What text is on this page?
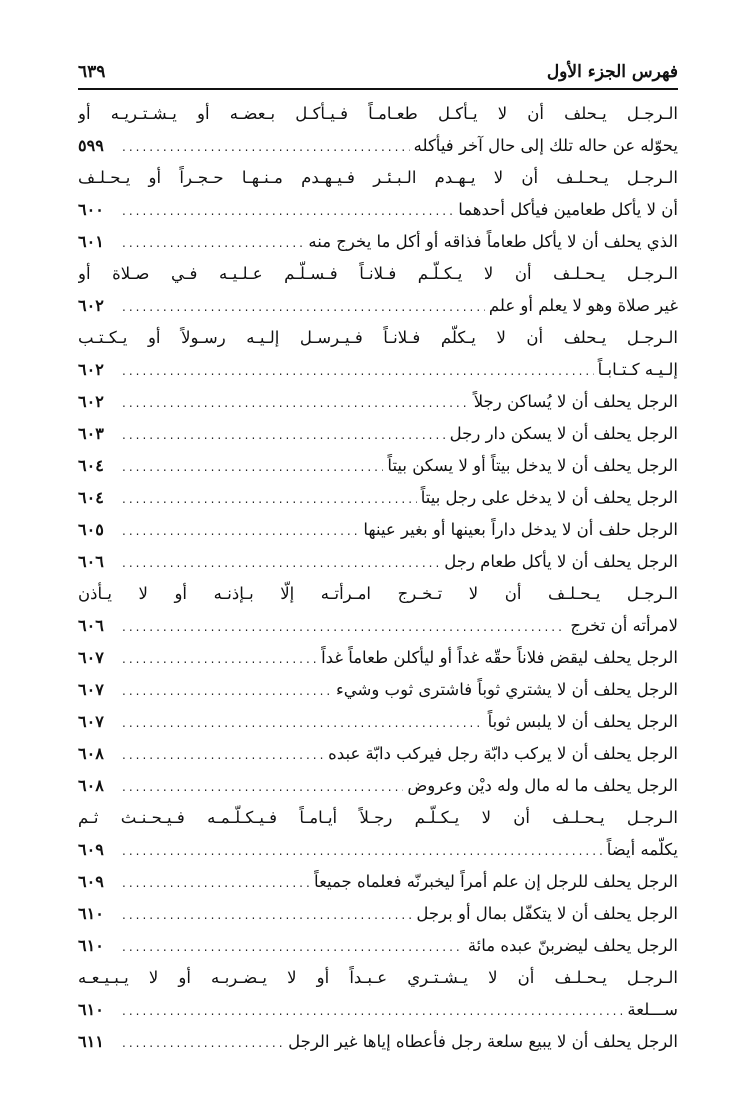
فهرس الجزء الأول
٦٣٩
الـرجـل يـحلف أن لا يـأكـل طعـامـاً فـيـأكـل بـعضـه أو يـشـتـريـه أو
يحوّله عن حاله تلك إلى حال آخر فيأكله
.....
٥٩٩
الـرجـل يـحـلـف أن لا يـهـدم الـبـئـر فـيـهـدم مـنـهـا حـجـراً أو يـحـلـف
أن لا يأكل طعامين فيأكل أحدهما
.....
٦٠٠
الذي يحلف أن لا يأكل طعاماً فذاقه أو أكل ما يخرج منه
.....
٦٠١
الـرجـل يـحـلـف أن لا يـكـلّـم فـلانـاً فـسـلّـم عـلـيـه فـي صـلاة أو
غير صلاة وهو لا يعلم أو علم
.....
٦٠٢
الـرجـل يـحلف أن لا يـكلّم فـلانـاً فـيـرسـل إلـيـه رسـولاً أو يـكـتـب
إلـيـه كـتـابـاً
.....
٦٠٢
الرجل يحلف أن لا يُساكن رجلاً
.....
٦٠٢
الرجل يحلف أن لا يسكن دار رجل
.....
٦٠٣
الرجل يحلف أن لا يدخل بيتاً أو لا يسكن بيتاً
.....
٦٠٤
الرجل يحلف أن لا يدخل على رجل بيتاً
.....
٦٠٤
الرجل حلف أن لا يدخل داراً بعينها أو بغير عينها
.....
٦٠٥
الرجل يحلف أن لا يأكل طعام رجل
.....
٦٠٦
الـرجـل يـحـلـف أن لا تـخـرج امـرأتـه إلّا بـإذنـه أو لا يـأذن
لامرأته أن تخرج
.....
٦٠٦
الرجل يحلف ليقض فلاناً حقّه غداً أو ليأكلن طعاماً غداً
.....
٦٠٧
الرجل يحلف أن لا يشتري ثوباً فاشترى ثوب وشيء
.....
٦٠٧
الرجل يحلف أن لا يلبس ثوباً
.....
٦٠٧
الرجل يحلف أن لا يركب دابّة رجل فيركب دابّة عبده
.....
٦٠٨
الرجل يحلف ما له مال وله ديْن وعروض
.....
٦٠٨
الـرجـل يـحـلـف أن لا يـكـلّـم رجـلاً أيـامـاً فـيـكـلّـمـه فـيـحـنـث ثـم
يكلّمه أيضاً
.....
٦٠٩
الرجل يحلف للرجل إن علم أمراً ليخبرنّه فعلماه جميعاً
.....
٦٠٩
الرجل يحلف أن لا يتكفّل بمال أو برجل
.....
٦١٠
الرجل يحلف ليضربنّ عبده مائة
.....
٦١٠
الـرجـل يـحـلـف أن لا يـشـتـري عـبـداً أو لا يـضـربـه أو لا يـبـيـعـه
ســـلعة
.....
٦١٠
الرجل يحلف أن لا يبيع سلعة رجل فأعطاه إياها غير الرجل
.....
٦١١
